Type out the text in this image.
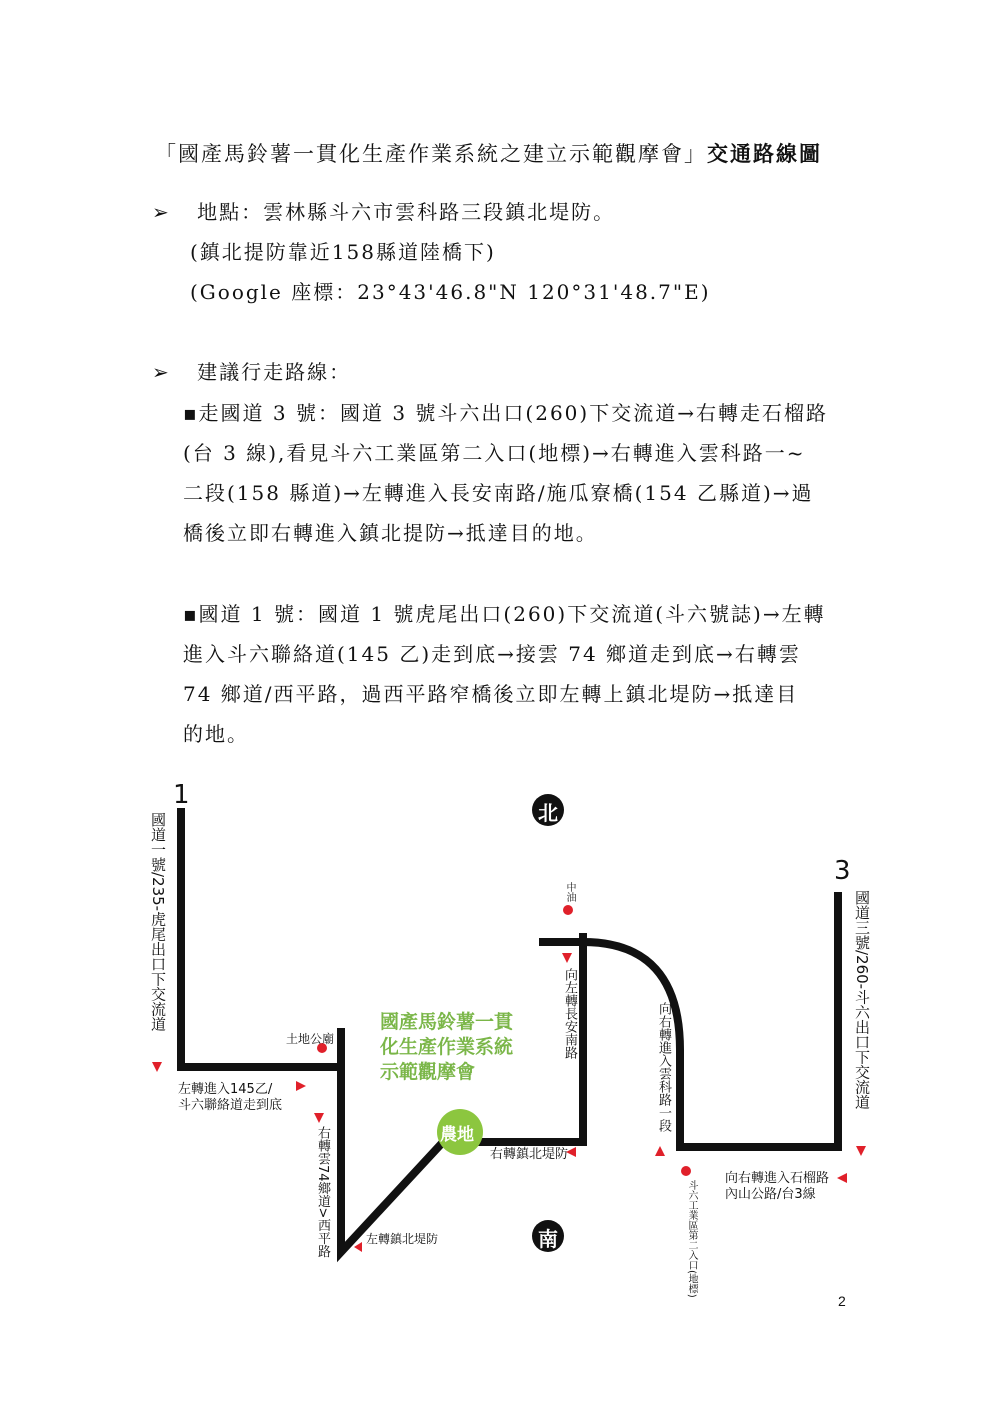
「國產馬鈴薯一貫化生產作業系統之建立示範觀摩會」交通路線圖
➢ 地點：雲林縣斗六市雲科路三段鎮北堤防。
(鎮北提防靠近158縣道陸橋下)
(Google 座標：23°43'46.8"N 120°31'48.7"E)
➢ 建議行走路線：
▪走國道 3 號：國道 3 號斗六出口(260)下交流道→右轉走石榴路
(台 3 線),看見斗六工業區第二入口(地標)→右轉進入雲科路一~
二段(158 縣道)→左轉進入長安南路/施瓜寮橋(154 乙縣道)→過
橋後立即右轉進入鎮北提防→抵達目的地。
▪國道 1 號：國道 1 號虎尾出口(260)下交流道(斗六號誌)→左轉
進入斗六聯絡道(145 乙)走到底→接雲 74 鄉道走到底→右轉雲
74 鄉道/西平路，過西平路窄橋後立即左轉上鎮北堤防→抵達目
的地。
1
3
北
南
國道一號/235-虎尾出口下交流道	國道三號/260-斗六出口下交流道
左轉進入145乙/
斗六聯絡道走到底
土地公廟
右轉雲74鄉道>西平路	左轉鎮北堤防
國產馬鈴薯一貫
化生產作業系統
示範觀摩會
農地
右轉鎮北堤防
中油
向左轉長安南路	向右轉進入雲科路一段
斗六工業區第二入口(地標)
向右轉進入石榴路
內山公路/台3線
2
